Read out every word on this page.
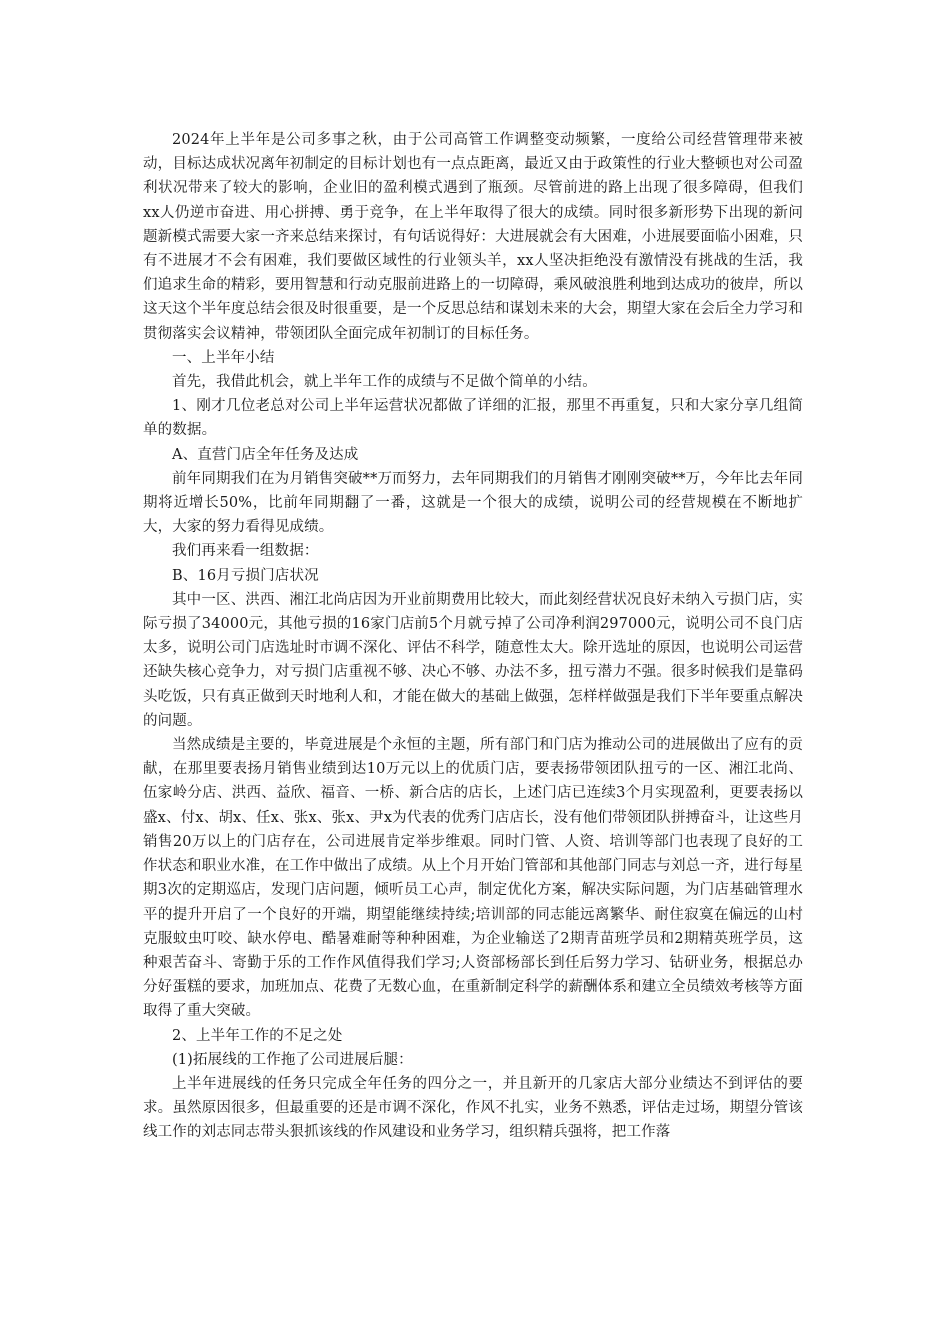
2024年上半年是公司多事之秋，由于公司高管工作调整变动频繁，一度给公司经营管理带来被动，目标达成状况离年初制定的目标计划也有一点点距离，最近又由于政策性的行业大整顿也对公司盈利状况带来了较大的影响，企业旧的盈利模式遇到了瓶颈。尽管前进的路上出现了很多障碍，但我们xx人仍逆市奋进、用心拼搏、勇于竞争，在上半年取得了很大的成绩。同时很多新形势下出现的新问题新模式需要大家一齐来总结来探讨，有句话说得好：大进展就会有大困难，小进展要面临小困难，只有不进展才不会有困难，我们要做区域性的行业领头羊，xx人坚决拒绝没有激情没有挑战的生活，我们追求生命的精彩，要用智慧和行动克服前进路上的一切障碍，乘风破浪胜利地到达成功的彼岸，所以这天这个半年度总结会很及时很重要，是一个反思总结和谋划未来的大会，期望大家在会后全力学习和贯彻落实会议精神，带领团队全面完成年初制订的目标任务。

一、上半年小结

首先，我借此机会，就上半年工作的成绩与不足做个简单的小结。

1、刚才几位老总对公司上半年运营状况都做了详细的汇报，那里不再重复，只和大家分享几组简单的数据。

A、直营门店全年任务及达成

前年同期我们在为月销售突破**万而努力，去年同期我们的月销售才刚刚突破**万，今年比去年同期将近增长50%，比前年同期翻了一番，这就是一个很大的成绩，说明公司的经营规模在不断地扩大，大家的努力看得见成绩。

我们再来看一组数据：

B、16月亏损门店状况

其中一区、洪西、湘江北尚店因为开业前期费用比较大，而此刻经营状况良好未纳入亏损门店，实际亏损了34000元，其他亏损的16家门店前5个月就亏掉了公司净利润297000元，说明公司不良门店太多，说明公司门店选址时市调不深化、评估不科学，随意性太大。除开选址的原因，也说明公司运营还缺失核心竞争力，对亏损门店重视不够、决心不够、办法不多，扭亏潜力不强。很多时候我们是靠码头吃饭，只有真正做到天时地利人和，才能在做大的基础上做强，怎样样做强是我们下半年要重点解决的问题。

当然成绩是主要的，毕竟进展是个永恒的主题，所有部门和门店为推动公司的进展做出了应有的贡献，在那里要表扬月销售业绩到达10万元以上的优质门店，要表扬带领团队扭亏的一区、湘江北尚、伍家岭分店、洪西、益欣、福音、一桥、新合店的店长，上述门店已连续3个月实现盈利，更要表扬以盛x、付x、胡x、任x、张x、张x、尹x为代表的优秀门店店长，没有他们带领团队拼搏奋斗，让这些月销售20万以上的门店存在，公司进展肯定举步维艰。同时门管、人资、培训等部门也表现了良好的工作状态和职业水准，在工作中做出了成绩。从上个月开始门管部和其他部门同志与刘总一齐，进行每星期3次的定期巡店，发现门店问题，倾听员工心声，制定优化方案，解决实际问题，为门店基础管理水平的提升开启了一个良好的开端，期望能继续持续;培训部的同志能远离繁华、耐住寂寞在偏远的山村克服蚊虫叮咬、缺水停电、酷暑难耐等种种困难，为企业输送了2期青苗班学员和2期精英班学员，这种艰苦奋斗、寄勤于乐的工作作风值得我们学习;人资部杨部长到任后努力学习、钻研业务，根据总办分好蛋糕的要求，加班加点、花费了无数心血，在重新制定科学的薪酬体系和建立全员绩效考核等方面取得了重大突破。

2、上半年工作的不足之处

(1)拓展线的工作拖了公司进展后腿：

上半年进展线的任务只完成全年任务的四分之一，并且新开的几家店大部分业绩达不到评估的要求。虽然原因很多，但最重要的还是市调不深化，作风不扎实，业务不熟悉，评估走过场，期望分管该线工作的刘志同志带头狠抓该线的作风建设和业务学习，组织精兵强将，把工作落
